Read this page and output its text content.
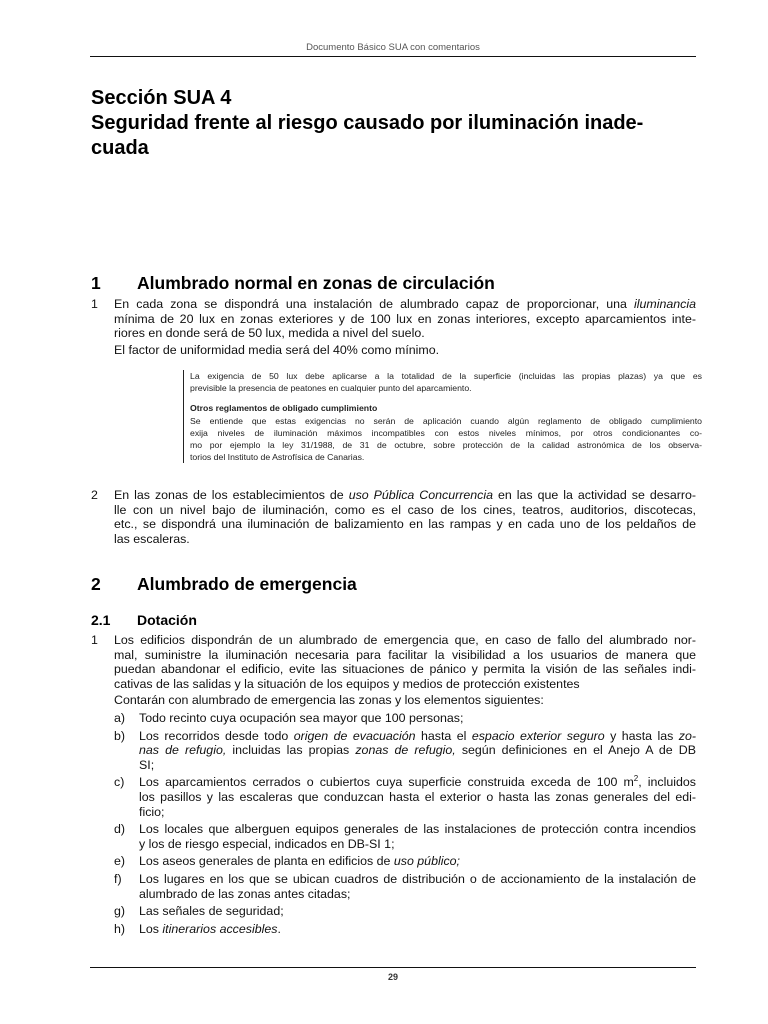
Documento Básico SUA con comentarios
Sección SUA 4
Seguridad frente al riesgo causado por iluminación inade-
cuada
1 Alumbrado normal en zonas de circulación
1 En cada zona se dispondrá una instalación de alumbrado capaz de proporcionar, una iluminancia
mínima de 20 lux en zonas exteriores y de 100 lux en zonas interiores, excepto aparcamientos inte-
riores en donde será de 50 lux, medida a nivel del suelo.
El factor de uniformidad media será del 40% como mínimo.
La exigencia de 50 lux debe aplicarse a la totalidad de la superficie (incluidas las propias plazas) ya que es
previsible la presencia de peatones en cualquier punto del aparcamiento.
Otros reglamentos de obligado cumplimiento
Se entiende que estas exigencias no serán de aplicación cuando algún reglamento de obligado cumplimiento
exija niveles de iluminación máximos incompatibles con estos niveles mínimos, por otros condicionantes co-
mo por ejemplo la ley 31/1988, de 31 de octubre, sobre protección de la calidad astronómica de los observa-
torios del Instituto de Astrofísica de Canarias.
2 En las zonas de los establecimientos de uso Pública Concurrencia en las que la actividad se desarro-
lle con un nivel bajo de iluminación, como es el caso de los cines, teatros, auditorios, discotecas,
etc., se dispondrá una iluminación de balizamiento en las rampas y en cada uno de los peldaños de
las escaleras.
2 Alumbrado de emergencia
2.1 Dotación
1 Los edificios dispondrán de un alumbrado de emergencia que, en caso de fallo del alumbrado nor-
mal, suministre la iluminación necesaria para facilitar la visibilidad a los usuarios de manera que
puedan abandonar el edificio, evite las situaciones de pánico y permita la visión de las señales indi-
cativas de las salidas y la situación de los equipos y medios de protección existentes
Contarán con alumbrado de emergencia las zonas y los elementos siguientes:
a) Todo recinto cuya ocupación sea mayor que 100 personas;
b) Los recorridos desde todo origen de evacuación hasta el espacio exterior seguro y hasta las zo-
nas de refugio, incluidas las propias zonas de refugio, según definiciones en el Anejo A de DB
SI;
c) Los aparcamientos cerrados o cubiertos cuya superficie construida exceda de 100 $m^2$, incluidos
los pasillos y las escaleras que conduzcan hasta el exterior o hasta las zonas generales del edi-
ficio;
d) Los locales que alberguen equipos generales de las instalaciones de protección contra incendios
y los de riesgo especial, indicados en DB-SI 1;
e) Los aseos generales de planta en edificios de uso público;
f) Los lugares en los que se ubican cuadros de distribución o de accionamiento de la instalación de
alumbrado de las zonas antes citadas;
g) Las señales de seguridad;
h) Los itinerarios accesibles.
29
